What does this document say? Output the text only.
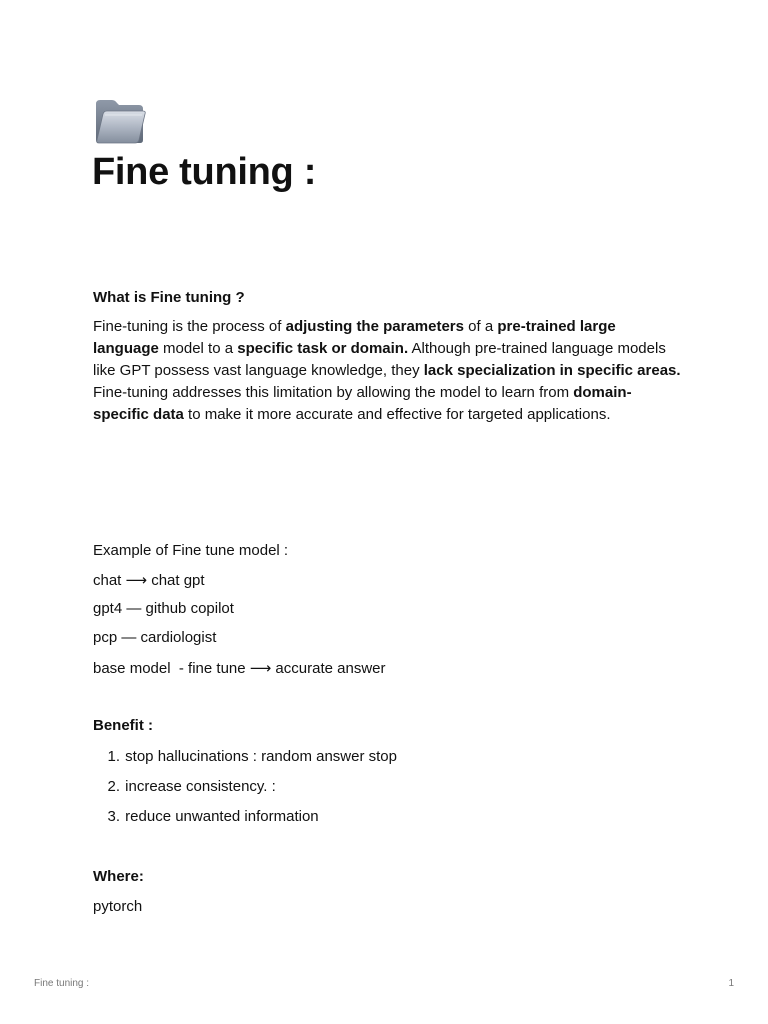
Fine tuning :
What is Fine tuning ?

Fine-tuning is the process of adjusting the parameters of a pre-trained large language model to a specific task or domain. Although pre-trained language models like GPT possess vast language knowledge, they lack specialization in specific areas. Fine-tuning addresses this limitation by allowing the model to learn from domain-specific data to make it more accurate and effective for targeted applications.

Example of Fine tune model :
chat ⟶ chat gpt
gpt4 — github copilot
pcp — cardiologist
base model  - fine tune ⟶ accurate answer
Benefit :
1. stop hallucinations : random answer stop
2. increase consistency. :
3. reduce unwanted information
Where:
pytorch
Fine tuning :	1
